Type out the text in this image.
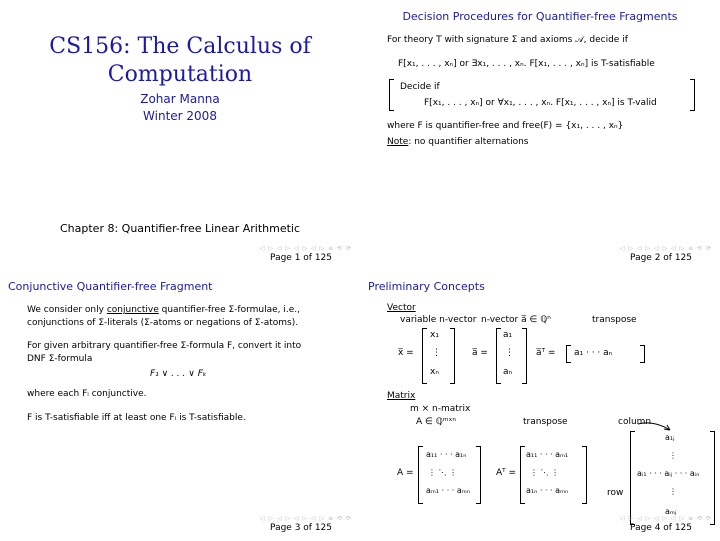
CS156: The Calculus of
Computation
Zohar Manna
Winter 2008
Chapter 8: Quantifier-free Linear Arithmetic
◁ ▷ ◁ ▷ ◁ ▷ ◁ ▷ ≡ ⟲ ⟳
Page 1 of 125
Decision Procedures for Quantifier-free Fragments
For theory T with signature Σ and axioms 𝒜, decide if
F[x₁, . . . , xₙ] or ∃x₁, . . . , xₙ. F[x₁, . . . , xₙ] is T-satisfiable
Decide if
F[x₁, . . . , xₙ] or ∀x₁, . . . , xₙ. F[x₁, . . . , xₙ] is T-valid
where F is quantifier-free and free(F) = {x₁, . . . , xₙ}
Note: no quantifier alternations
◁ ▷ ◁ ▷ ◁ ▷ ◁ ▷ ≡ ⟲ ⟳
Page 2 of 125
Conjunctive Quantifier-free Fragment
We consider only conjunctive quantifier-free Σ-formulae, i.e.,
conjunctions of Σ-literals (Σ-atoms or negations of Σ-atoms).
For given arbitrary quantifier-free Σ-formula F, convert it into
DNF Σ-formula
F₁ ∨ . . . ∨ Fₖ
where each Fᵢ conjunctive.
F is T-satisfiable iff at least one Fᵢ is T-satisfiable.
◁ ▷ ◁ ▷ ◁ ▷ ◁ ▷ ≡ ⟲ ⟳
Page 3 of 125
Preliminary Concepts
Vector
variable n-vector n-vector a̅ ∈ ℚⁿ	transpose
x̅ =
x₁
⋮
xₙ
a̅ =
a₁
⋮
aₙ
a̅ᵀ = a₁ · · · aₙ
Matrix
m × n-matrix
A ∈ ℚᵐˣⁿ	transpose	column
A =
a₁₁ · · · a₁ₙ
⋮ ⋱ ⋮
aₘ₁ · · · aₘₙ
Aᵀ =
a₁₁ · · · aₘ₁
⋮ ⋱ ⋮
a₁ₙ · · · aₘₙ
a₁ⱼ
⋮
aᵢ₁ · · · aᵢⱼ · · · aᵢₙ
⋮
aₘⱼ
row
◁ ▷ ◁ ▷ ◁ ▷ ◁ ▷ ≡ ⟲ ⟳
Page 4 of 125
